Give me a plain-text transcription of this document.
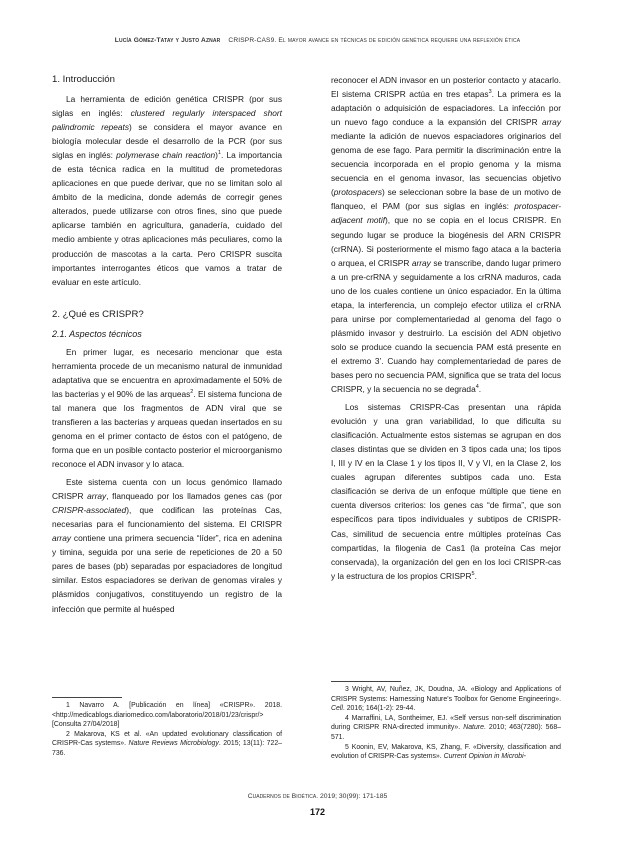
Lucía Gómez-Tatay y Justo Aznar CRISPR-CAS9. El mayor avance en técnicas de edición genética requiere una reflexión ética
1. Introducción

La herramienta de edición genética CRISPR (por sus siglas en inglés: clustered regularly interspaced short palindromic repeats) se considera el mayor avance en biología molecular desde el desarrollo de la PCR (por sus siglas en inglés: polymerase chain reaction)$^1$. La importancia de esta técnica radica en la multitud de prometedoras aplicaciones en que puede derivar, que no se limitan solo al ámbito de la medicina, donde además de corregir genes alterados, puede utilizarse con otros fines, sino que puede aplicarse también en agricultura, ganadería, cuidado del medio ambiente y otras aplicaciones más peculiares, como la producción de mascotas a la carta. Pero CRISPR suscita importantes interrogantes éticos que vamos a tratar de evaluar en este artículo.

2. ¿Qué es CRISPR?
2.1. Aspectos técnicos

En primer lugar, es necesario mencionar que esta herramienta procede de un mecanismo natural de inmunidad adaptativa que se encuentra en aproximadamente el 50% de las bacterias y el 90% de las arqueas$^2$. El sistema funciona de tal manera que los fragmentos de ADN viral que se transfieren a las bacterias y arqueas quedan insertados en su genoma en el primer contacto de éstos con el patógeno, de forma que en un posible contacto posterior el microorganismo reconoce el ADN invasor y lo ataca.

Este sistema cuenta con un locus genómico llamado CRISPR array, flanqueado por los llamados genes cas (por CRISPR-associated), que codifican las proteínas Cas, necesarias para el funcionamiento del sistema. El CRISPR array contiene una primera secuencia “líder”, rica en adenina y timina, seguida por una serie de repeticiones de 20 a 50 pares de bases (pb) separadas por espaciadores de longitud similar. Estos espaciadores se derivan de genomas virales y plásmidos conjugativos, constituyendo un registro de la infección que permite al huésped

reconocer el ADN invasor en un posterior contacto y atacarlo. El sistema CRISPR actúa en tres etapas$^3$. La primera es la adaptación o adquisición de espaciadores. La infección por un nuevo fago conduce a la expansión del CRISPR array mediante la adición de nuevos espaciadores originarios del genoma de ese fago. Para permitir la discriminación entre la secuencia incorporada en el propio genoma y la misma secuencia en el genoma invasor, las secuencias objetivo (protospacers) se seleccionan sobre la base de un motivo de flanqueo, el PAM (por sus siglas en inglés: protospacer-adjacent motif), que no se copia en el locus CRISPR. En segundo lugar se produce la biogénesis del ARN CRISPR (crRNA). Si posteriormente el mismo fago ataca a la bacteria o arquea, el CRISPR array se transcribe, dando lugar primero a un pre-crRNA y seguidamente a los crRNA maduros, cada uno de los cuales contiene un único espaciador. En la última etapa, la interferencia, un complejo efector utiliza el crRNA para unirse por complementariedad al genoma del fago o plásmido invasor y destruirlo. La escisión del ADN objetivo solo se produce cuando la secuencia PAM está presente en el extremo 3’. Cuando hay complementariedad de pares de bases pero no secuencia PAM, significa que se trata del locus CRISPR, y la secuencia no se degrada$^4$.

Los sistemas CRISPR-Cas presentan una rápida evolución y una gran variabilidad, lo que dificulta su clasificación. Actualmente estos sistemas se agrupan en dos clases distintas que se dividen en 3 tipos cada una; los tipos I, III y IV en la Clase 1 y los tipos II, V y VI, en la Clase 2, los cuales agrupan diferentes subtipos cada uno. Esta clasificación se deriva de un enfoque múltiple que tiene en cuenta diversos criterios: los genes cas “de firma”, que son específicos para tipos individuales y subtipos de CRISPR-Cas, similitud de secuencia entre múltiples proteínas Cas compartidas, la filogenia de Cas1 (la proteína Cas mejor conservada), la organización del gen en los loci CRISPR-cas y la estructura de los propios CRISPR$^5$.

1 Navarro A. [Publicación en línea] «CRISPR». 2018. <http://medicablogs.diariomedico.com/laboratorio/2018/01/23/crispr/> [Consulta 27/04/2018]

2 Makarova, KS et al. «An updated evolutionary classification of CRISPR-Cas systems». Nature Reviews Microbiology. 2015; 13(11): 722–736.

3 Wright, AV, Nuñez, JK, Doudna, JA. «Biology and Applications of CRISPR Systems: Harnessing Nature’s Toolbox for Genome Engineering». Cell. 2016; 164(1-2): 29-44.

4 Marraffini, LA, Sontheimer, EJ. «Self versus non-self discrimination during CRISPR RNA-directed immunity». Nature. 2010; 463(7280): 568–571.

5 Koonin, EV, Makarova, KS, Zhang, F. «Diversity, classification and evolution of CRISPR-Cas systems». Current Opinion in Microbi-

Cuadernos de Bioética. 2019; 30(99): 171-185
172
